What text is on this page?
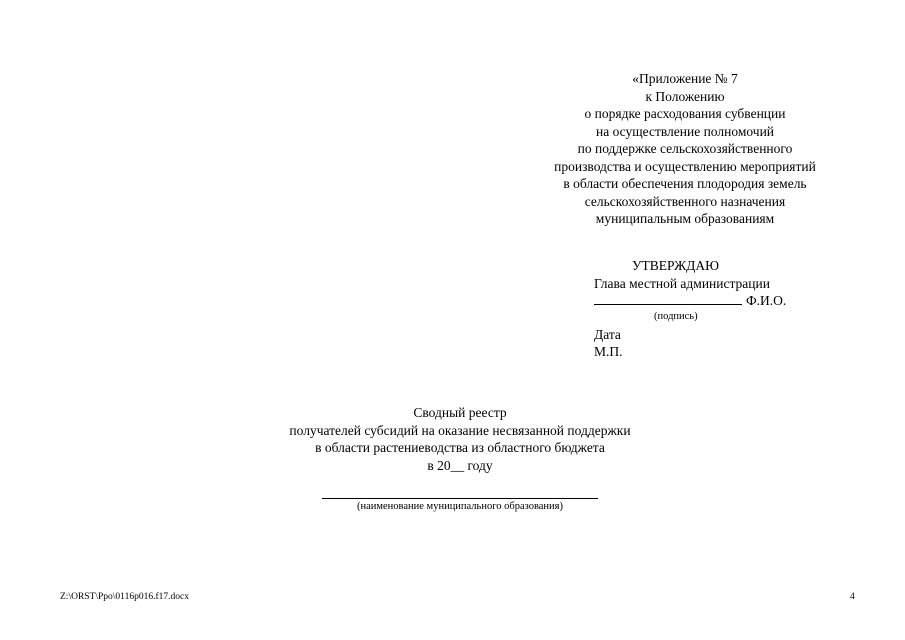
«Приложение № 7
к Положению
о порядке расходования субвенции
на осуществление полномочий
по поддержке сельскохозяйственного
производства и осуществлению мероприятий
в области обеспечения плодородия земель
сельскохозяйственного назначения
муниципальным образованиям
УТВЕРЖДАЮ
Глава местной администрации
Ф.И.О.
(подпись)
Дата
М.П.
Сводный реестр
получателей субсидий на оказание несвязанной поддержки
в области растениеводства из областного бюджета
в 20__ году
(наименование муниципального образования)
Z:\ORST\Ppo\0116p016.f17.docx	4
